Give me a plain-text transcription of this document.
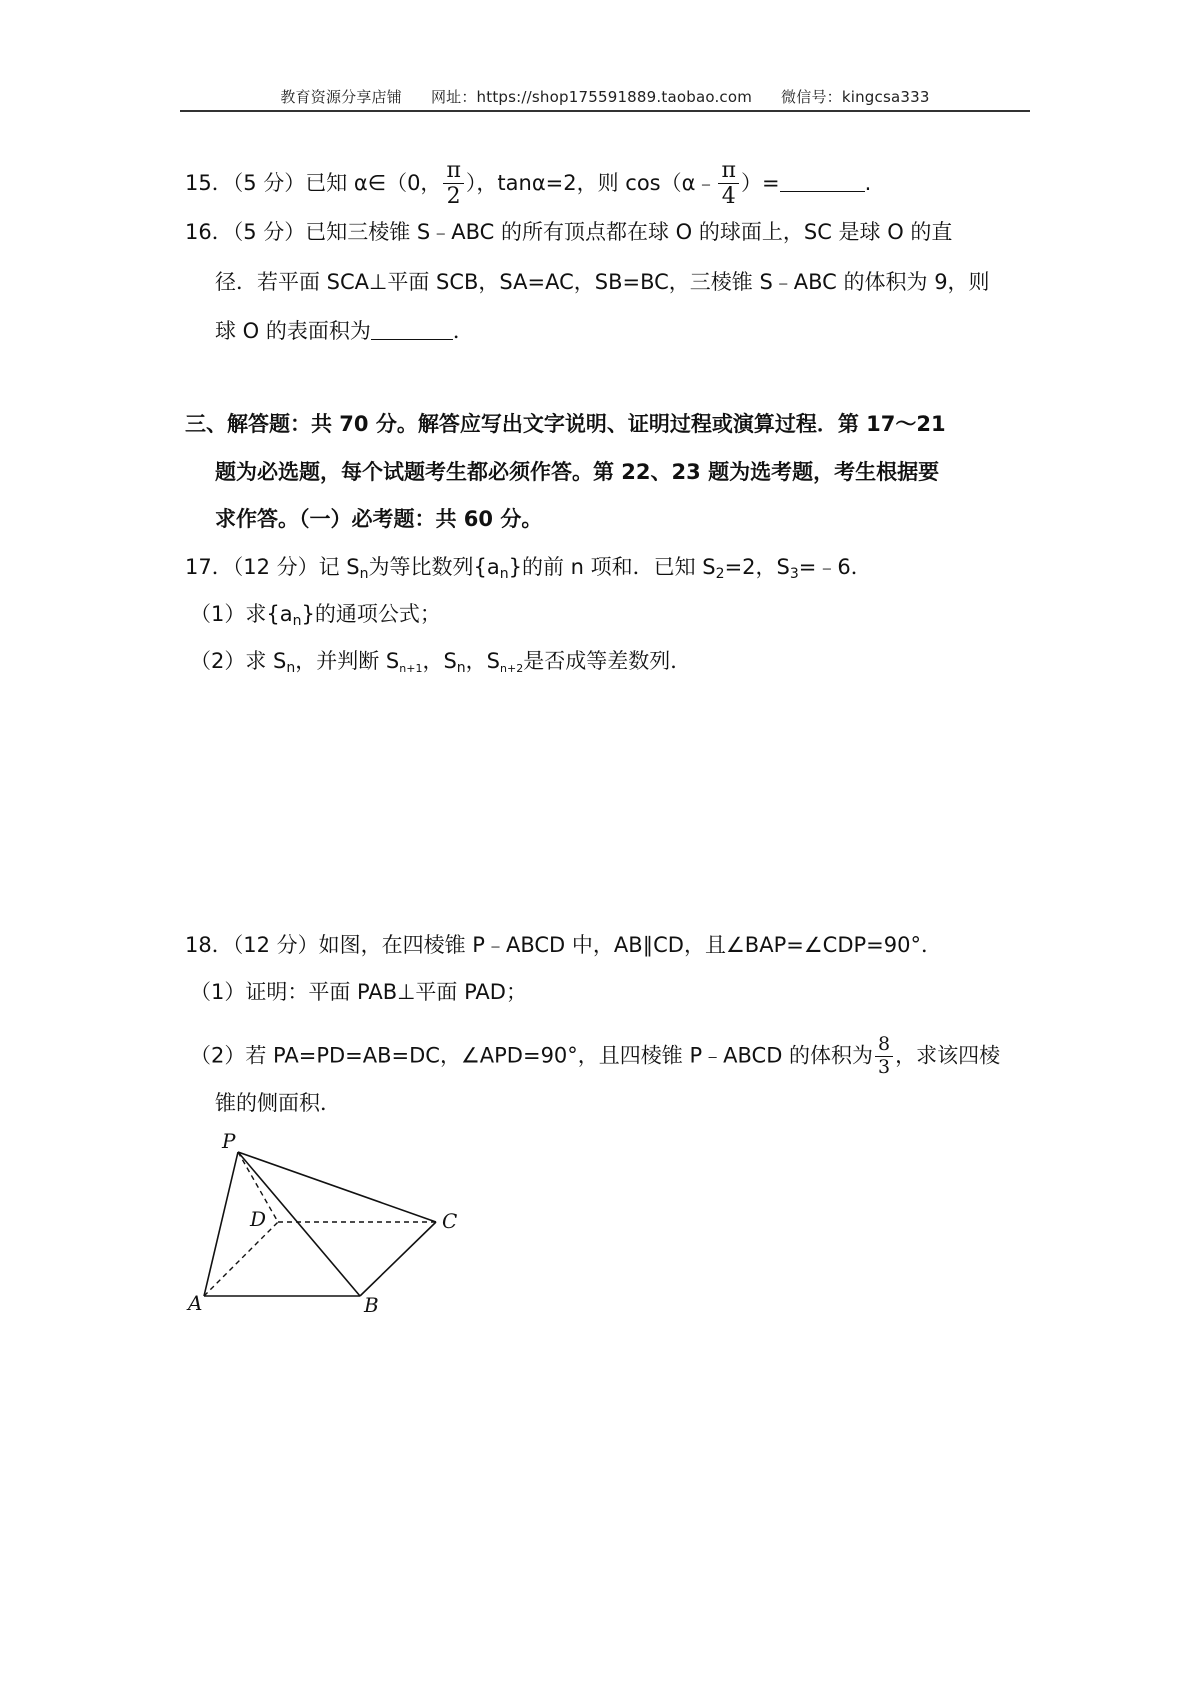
教育资源分享店铺 网址：https://shop175591889.taobao.com 微信号：kingcsa333
15．（5 分）已知 α∈（0， $\frac{\pi}{2}$ ），tanα=2，则 cos（α﹣ $\frac{\pi}{4}$ ）=	.
16．（5 分）已知三棱锥 S﹣ABC 的所有顶点都在球 O 的球面上，SC 是球 O 的直
径．若平面 SCA⊥平面 SCB，SA=AC，SB=BC，三棱锥 S﹣ABC 的体积为 9，则
球 O 的表面积为	．
三、解答题：共 70 分。解答应写出文字说明、证明过程或演算过程．第 17～21
题为必选题，每个试题考生都必须作答。第 22、23 题为选考题，考生根据要
求作答。（一）必考题：共 60 分。
17．（12 分）记 $S_n$为等比数列$\{a_n\}$的前 n 项和．已知 $S_2=2$，$S_3=﹣6$．
（1）求$\{a_n\}$的通项公式；
（2）求 $S_n$，并判断 $S_{n+1}$，$S_n$，$S_{n+2}$是否成等差数列．
18．（12 分）如图，在四棱锥 P﹣ABCD 中，AB∥CD，且∠BAP=∠CDP=90°．
（1）证明：平面 PAB⊥平面 PAD；
（2）若 PA=PD=AB=DC，∠APD=90°，且四棱锥 P﹣ABCD 的体积为 $\frac{8}{3}$ ，求该四棱
锥的侧面积．
P
D	C
A	B
